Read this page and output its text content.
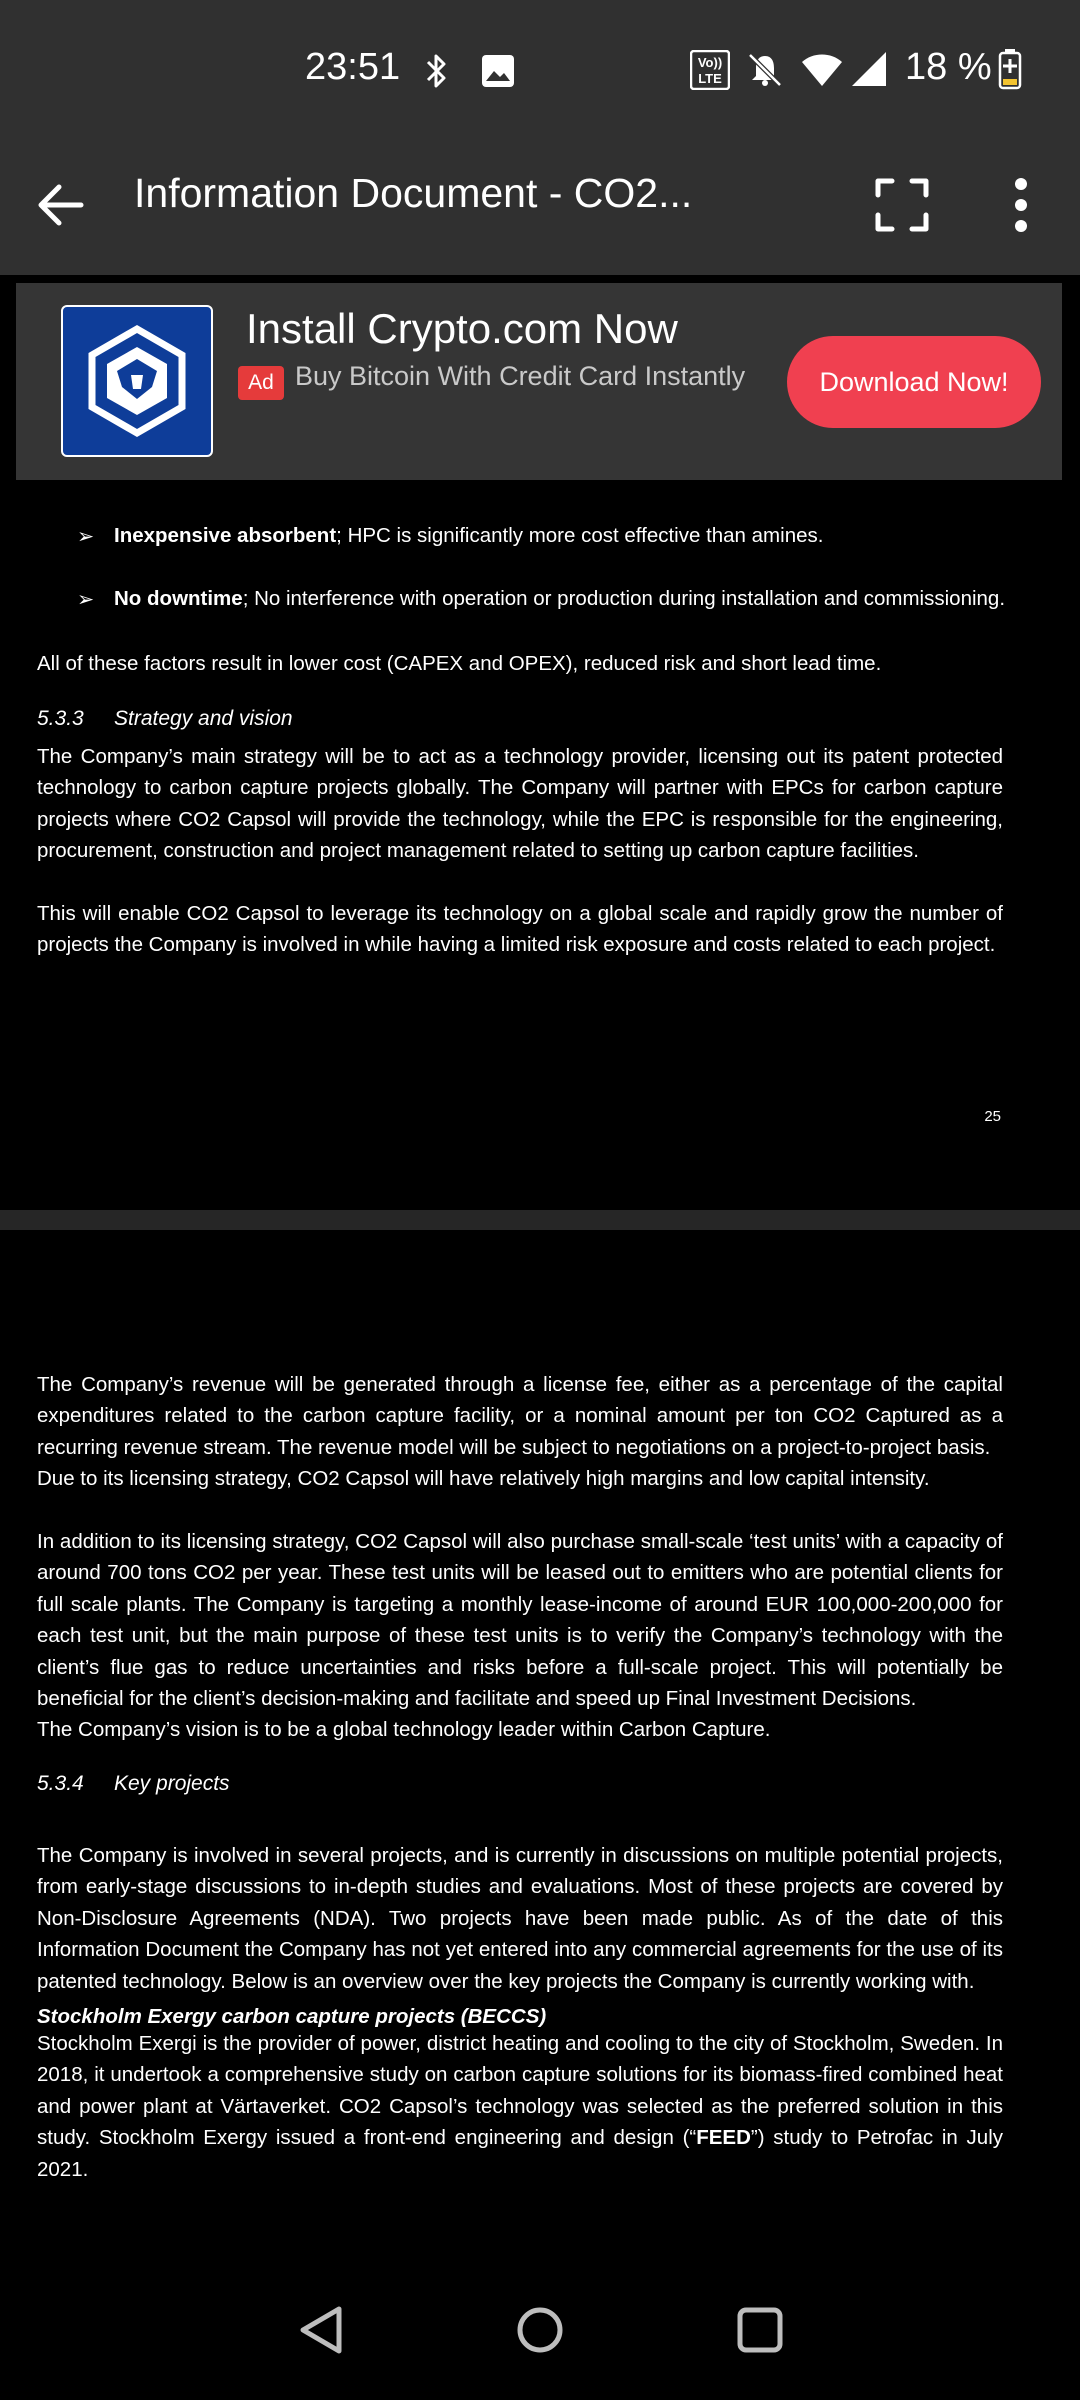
23:51	Vo))
LTE	18 %
Information Document - CO2...
➢ Inexpensive absorbent; HPC is significantly more cost effective than amines.
➢ No downtime; No interference with operation or production during installation and commissioning.

All of these factors result in lower cost (CAPEX and OPEX), reduced risk and short lead time.

5.3.3 Strategy and vision

The Company’s main strategy will be to act as a technology provider, licensing out its patent protected technology to carbon capture projects globally. The Company will partner with EPCs for carbon capture projects where CO2 Capsol will provide the technology, while the EPC is responsible for the engineering, procurement, construction and project management related to setting up carbon capture facilities.

This will enable CO2 Capsol to leverage its technology on a global scale and rapidly grow the number of projects the Company is involved in while having a limited risk exposure and costs related to each project.

25

The Company’s revenue will be generated through a license fee, either as a percentage of the capital expenditures related to the carbon capture facility, or a nominal amount per ton CO2 Captured as a recurring revenue stream. The revenue model will be subject to negotiations on a project-to-project basis.

Due to its licensing strategy, CO2 Capsol will have relatively high margins and low capital intensity.

In addition to its licensing strategy, CO2 Capsol will also purchase small-scale ‘test units’ with a capacity of around 700 tons CO2 per year. These test units will be leased out to emitters who are potential clients for full scale plants. The Company is targeting a monthly lease-income of around EUR 100,000-200,000 for each test unit, but the main purpose of these test units is to verify the Company’s technology with the client’s flue gas to reduce uncertainties and risks before a full-scale project. This will potentially be beneficial for the client’s decision-making and facilitate and speed up Final Investment Decisions.

The Company’s vision is to be a global technology leader within Carbon Capture.

5.3.4 Key projects

The Company is involved in several projects, and is currently in discussions on multiple potential projects, from early-stage discussions to in-depth studies and evaluations. Most of these projects are covered by Non-Disclosure Agreements (NDA). Two projects have been made public. As of the date of this Information Document the Company has not yet entered into any commercial agreements for the use of its patented technology. Below is an overview over the key projects the Company is currently working with.

Stockholm Exergy carbon capture projects (BECCS)

Stockholm Exergi is the provider of power, district heating and cooling to the city of Stockholm, Sweden. In 2018, it undertook a comprehensive study on carbon capture solutions for its biomass-fired combined heat and power plant at Värtaverket. CO2 Capsol’s technology was selected as the preferred solution in this study. Stockholm Exergy issued a front-end engineering and design (“FEED”) study to Petrofac in July 2021.

Install Crypto.com Now
Ad Buy Bitcoin With Credit Card Instantly	Download Now!
